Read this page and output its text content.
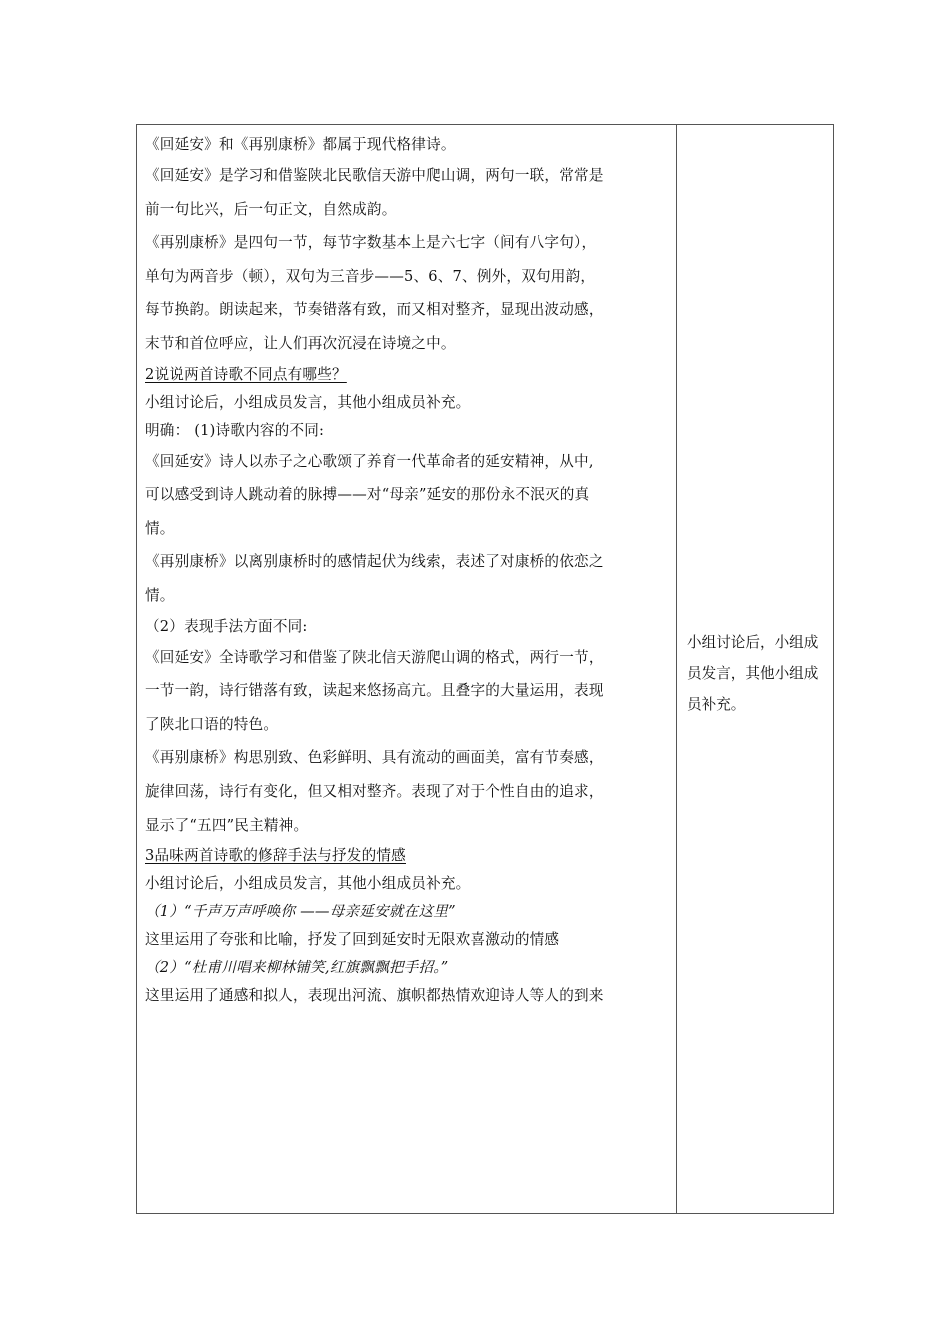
《回延安》和《再别康桥》都属于现代格律诗。
《回延安》是学习和借鉴陕北民歌信天游中爬山调，两句一联，常常是
前一句比兴，后一句正文，自然成韵。
《再别康桥》是四句一节，每节字数基本上是六七字（间有八字句），
单句为两音步（顿），双句为三音步——5、6、7、例外，双句用韵，
每节换韵。朗读起来，节奏错落有致，而又相对整齐，显现出波动感，
末节和首位呼应，让人们再次沉浸在诗境之中。
2说说两首诗歌不同点有哪些？
小组讨论后，小组成员发言，其他小组成员补充。
明确： (1)诗歌内容的不同:
《回延安》诗人以赤子之心歌颂了养育一代革命者的延安精神，从中,
可以感受到诗人跳动着的脉搏——对“母亲”延安的那份永不泯灭的真
情。
《再别康桥》以离别康桥时的感情起伏为线索，表述了对康桥的依恋之
情。
（2）表现手法方面不同:
《回延安》全诗歌学习和借鉴了陕北信天游爬山调的格式，两行一节，
一节一韵，诗行错落有致，读起来悠扬高亢。且叠字的大量运用，表现
了陕北口语的特色。
《再别康桥》构思别致、色彩鲜明、具有流动的画面美，富有节奏感，
旋律回荡，诗行有变化，但又相对整齐。表现了对于个性自由的追求，
显示了“五四”民主精神。
3品味两首诗歌的修辞手法与抒发的情感
小组讨论后，小组成员发言，其他小组成员补充。
（1）“千声万声呼唤你 ——母亲延安就在这里”
这里运用了夸张和比喻，抒发了回到延安时无限欢喜激动的情感
（2）“杜甫川唱来柳林铺笑,红旗飘飘把手招。”
这里运用了通感和拟人，表现出河流、旗帜都热情欢迎诗人等人的到来
小组讨论后，小组成员发言，其他小组成员补充。
